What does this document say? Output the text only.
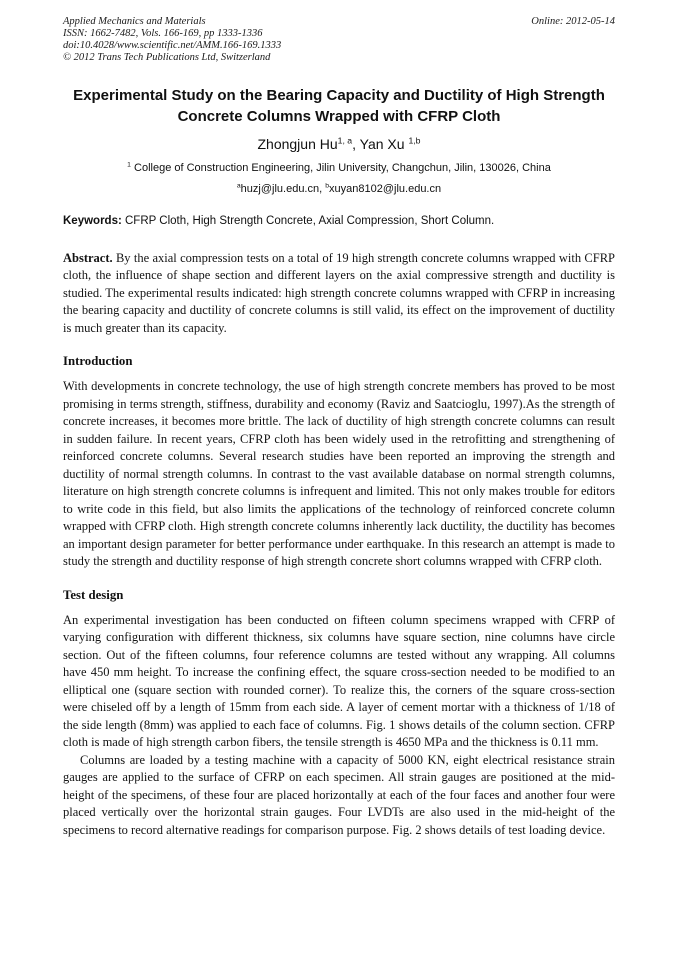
Applied Mechanics and Materials
ISSN: 1662-7482, Vols. 166-169, pp 1333-1336
doi:10.4028/www.scientific.net/AMM.166-169.1333
© 2012 Trans Tech Publications Ltd, Switzerland
Online: 2012-05-14
Experimental Study on the Bearing Capacity and Ductility of High Strength Concrete Columns Wrapped with CFRP Cloth
Zhongjun Hu$^{1, a}$, Yan Xu $^{1,b}$
$^1$ College of Construction Engineering, Jilin University, Changchun, Jilin, 130026, China
$^a$huzj@jlu.edu.cn, $^b$xuyan8102@jlu.edu.cn
Keywords: CFRP Cloth, High Strength Concrete, Axial Compression, Short Column.

Abstract. By the axial compression tests on a total of 19 high strength concrete columns wrapped with CFRP cloth, the influence of shape section and different layers on the axial compressive strength and ductility is studied. The experimental results indicated: high strength concrete columns wrapped with CFRP in increasing the bearing capacity and ductility of concrete columns is still valid, its effect on the improvement of ductility is much greater than its capacity.

Introduction

With developments in concrete technology, the use of high strength concrete members has proved to be most promising in terms strength, stiffness, durability and economy (Raviz and Saatcioglu, 1997).As the strength of concrete increases, it becomes more brittle. The lack of ductility of high strength concrete columns can result in sudden failure. In recent years, CFRP cloth has been widely used in the retrofitting and strengthening of reinforced concrete columns. Several research studies have been reported an improving the strength and ductility of normal strength columns. In contrast to the vast available database on normal strength columns, literature on high strength concrete columns is infrequent and limited. This not only makes trouble for editors to write code in this field, but also limits the applications of the technology of reinforced concrete column wrapped with CFRP cloth. High strength concrete columns inherently lack ductility, the ductility has becomes an important design parameter for better performance under earthquake. In this research an attempt is made to study the strength and ductility response of high strength concrete short columns wrapped with CFRP cloth.

Test design

An experimental investigation has been conducted on fifteen column specimens wrapped with CFRP of varying configuration with different thickness, six columns have square section, nine columns have circle section. Out of the fifteen columns, four reference columns are tested without any wrapping. All columns have 450 mm height. To increase the confining effect, the square cross-section needed to be modified to an elliptical one (square section with rounded corner). To realize this, the corners of the square cross-section were chiseled off by a length of 15mm from each side. A layer of cement mortar with a thickness of 1/18 of the side length (8mm) was applied to each face of columns. Fig. 1 shows details of the column section. CFRP cloth is made of high strength carbon fibers, the tensile strength is 4650 MPa and the thickness is 0.11 mm.

Columns are loaded by a testing machine with a capacity of 5000 KN, eight electrical resistance strain gauges are applied to the surface of CFRP on each specimen. All strain gauges are positioned at the mid-height of the specimens, of these four are placed horizontally at each of the four faces and another four were placed vertically over the horizontal strain gauges. Four LVDTs are also used in the mid-height of the specimens to record alternative readings for comparison purpose. Fig. 2 shows details of test loading device.
